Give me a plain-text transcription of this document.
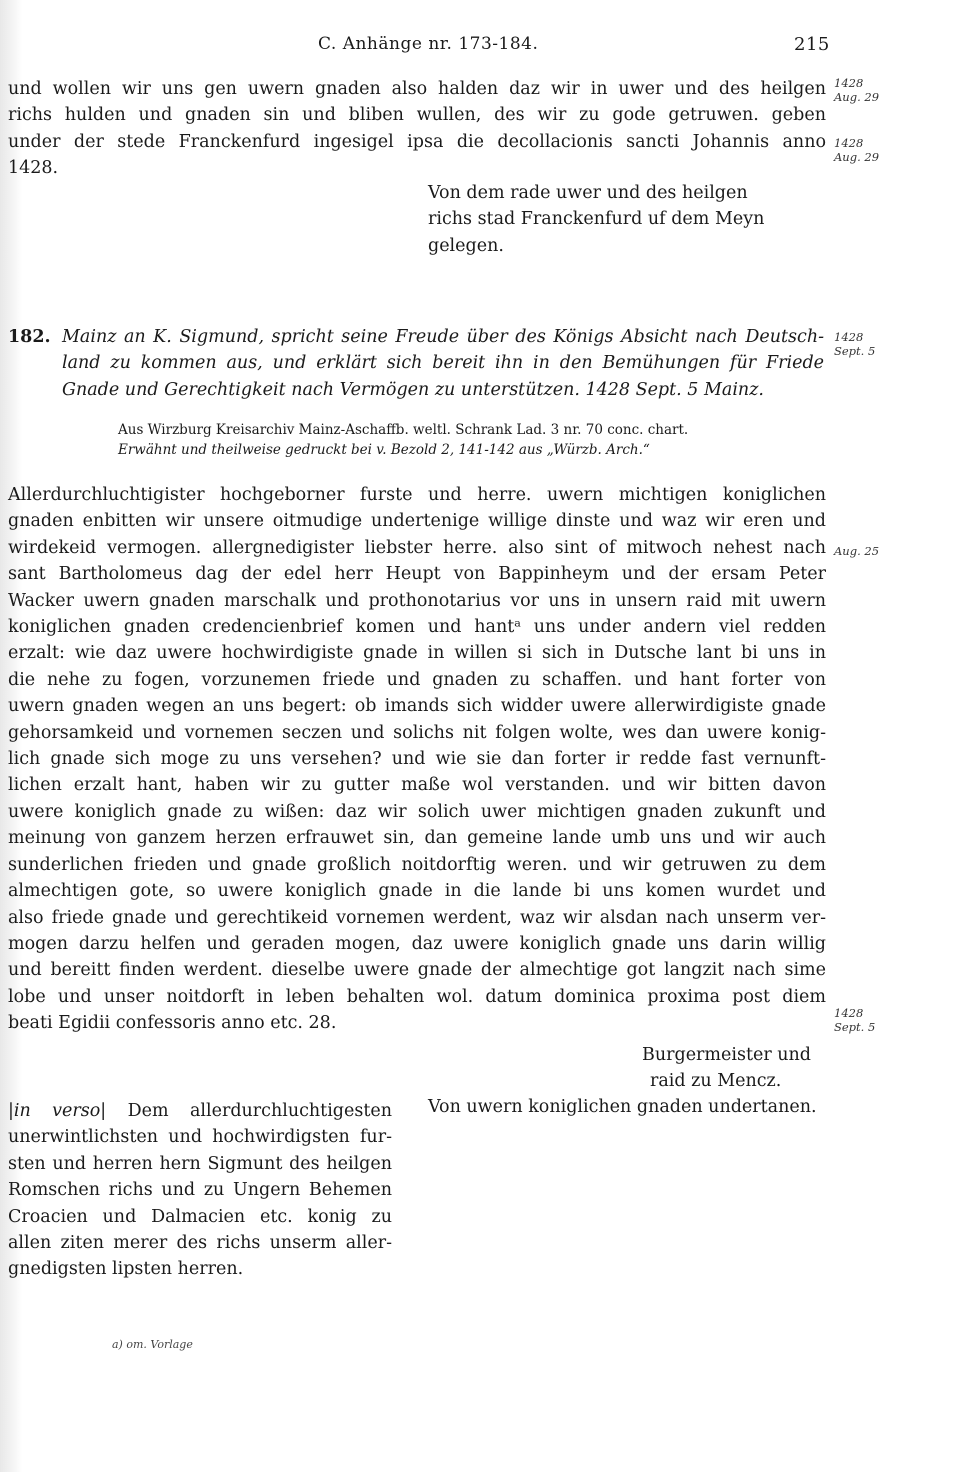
C. Anhänge nr. 173-184.	215
und wollen wir uns gen uwern gnaden also halden daz wir in uwer und des heilgen
richs hulden und gnaden sin und bliben wullen, des wir zu gode getruwen. geben
under der stede Franckenfurd ingesigel ipsa die decollacionis sancti Johannis anno
1428.
1428
Aug. 29
1428
Aug. 29
Von dem rade uwer und des heilgen
richs stad Franckenfurd uf dem Meyn
gelegen.
182. Mainz an K. Sigmund, spricht seine Freude über des Königs Absicht nach Deutsch-
land zu kommen aus, und erklärt sich bereit ihn in den Bemühungen für Friede
Gnade und Gerechtigkeit nach Vermögen zu unterstützen. 1428 Sept. 5 Mainz.
1428
Sept. 5
Aus Wirzburg Kreisarchiv Mainz-Aschaffb. weltl. Schrank Lad. 3 nr. 70 conc. chart.
Erwähnt und theilweise gedruckt bei v. Bezold 2, 141-142 aus „Würzb. Arch.“
Allerdurchluchtigister hochgeborner furste und herre. uwern michtigen koniglichen
gnaden enbitten wir unsere oitmudige undertenige willige dinste und waz wir eren und
wirdekeid vermogen. allergnedigister liebster herre. also sint of mitwoch nehest nach
sant Bartholomeus dag der edel herr Heupt von Bappinheym und der ersam Peter
Wacker uwern gnaden marschalk und prothonotarius vor uns in unsern raid mit uwern
koniglichen gnaden credencienbrief komen und hantᵃ uns under andern viel redden
erzalt: wie daz uwere hochwirdigiste gnade in willen si sich in Dutsche lant bi uns in
die nehe zu fogen, vorzunemen friede und gnaden zu schaffen. und hant forter von
uwern gnaden wegen an uns begert: ob imands sich widder uwere allerwirdigiste gnade
gehorsamkeid und vornemen seczen und solichs nit folgen wolte, wes dan uwere konig-
lich gnade sich moge zu uns versehen? und wie sie dan forter ir redde fast vernunft-
lichen erzalt hant, haben wir zu gutter maße wol verstanden. und wir bitten davon
uwere koniglich gnade zu wißen: daz wir solich uwer michtigen gnaden zukunft und
meinung von ganzem herzen erfrauwet sin, dan gemeine lande umb uns und wir auch
sunderlichen frieden und gnade großlich noitdorftig weren. und wir getruwen zu dem
almechtigen gote, so uwere koniglich gnade in die lande bi uns komen wurdet und
also friede gnade und gerechtikeid vornemen werdent, waz wir alsdan nach unserm ver-
mogen darzu helfen und geraden mogen, daz uwere koniglich gnade uns darin willig
und bereitt finden werdent. dieselbe uwere gnade der almechtige got langzit nach sime
lobe und unser noitdorft in leben behalten wol. datum dominica proxima post diem
beati Egidii confessoris anno etc. 28.
Aug. 25
1428
Sept. 5
Burgermeister und
raid zu Mencz.
Von uwern koniglichen gnaden undertanen.
|in verso| Dem allerdurchluchtigesten
unerwintlichsten und hochwirdigsten fur-
sten und herren hern Sigmunt des heilgen
Romschen richs und zu Ungern Behemen
Croacien und Dalmacien etc. konig zu
allen ziten merer des richs unserm aller-
gnedigsten lipsten herren.
a) om. Vorlage
